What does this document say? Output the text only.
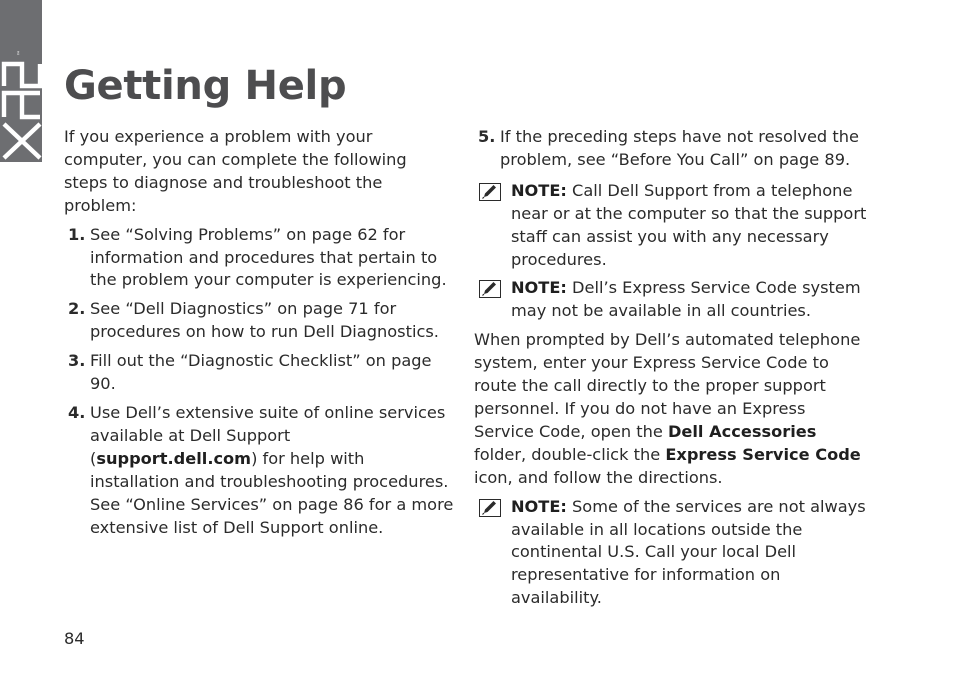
™
Getting Help

If you experience a problem with your computer, you can complete the following steps to diagnose and troubleshoot the problem:

1. See “Solving Problems” on page 62 for information and procedures that pertain to the problem your computer is experiencing.
2. See “Dell Diagnostics” on page 71 for procedures on how to run Dell Diagnostics.
3. Fill out the “Diagnostic Checklist” on page 90.
4. Use Dell’s extensive suite of online services available at Dell Support (support.dell.com) for help with installation and troubleshooting procedures. See “Online Services” on page 86 for a more extensive list of Dell Support online.
5. If the preceding steps have not resolved the problem, see “Before You Call” on page 89.
NOTE: Call Dell Support from a telephone near or at the computer so that the support staff can assist you with any necessary procedures.
NOTE: Dell’s Express Service Code system may not be available in all countries.

When prompted by Dell’s automated telephone system, enter your Express Service Code to route the call directly to the proper support personnel. If you do not have an Express Service Code, open the Dell Accessories folder, double-click the Express Service Code icon, and follow the directions.

NOTE: Some of the services are not always available in all locations outside the continental U.S. Call your local Dell representative for information on availability.
84
